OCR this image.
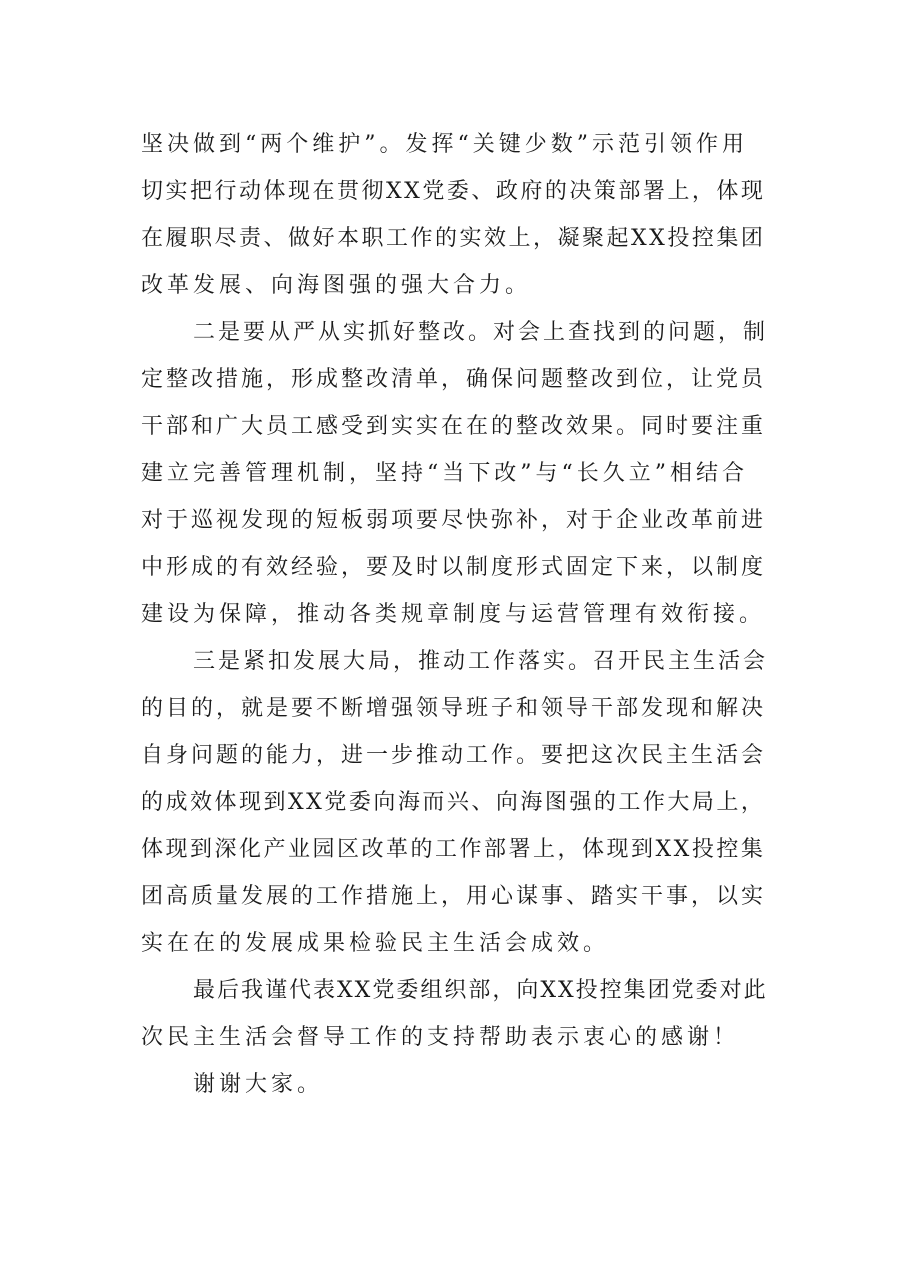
坚决做到“两个维护”。发挥“关键少数”示范引领作用
切实把行动体现在贯彻XX党委、政府的决策部署上，体现
在履职尽责、做好本职工作的实效上，凝聚起XX投控集团
改革发展、向海图强的强大合力。
二是要从严从实抓好整改。对会上查找到的问题，制
定整改措施，形成整改清单，确保问题整改到位，让党员
干部和广大员工感受到实实在在的整改效果。同时要注重
建立完善管理机制，坚持“当下改”与“长久立”相结合
对于巡视发现的短板弱项要尽快弥补，对于企业改革前进
中形成的有效经验，要及时以制度形式固定下来，以制度
建设为保障，推动各类规章制度与运营管理有效衔接。
三是紧扣发展大局，推动工作落实。召开民主生活会
的目的，就是要不断增强领导班子和领导干部发现和解决
自身问题的能力，进一步推动工作。要把这次民主生活会
的成效体现到XX党委向海而兴、向海图强的工作大局上，
体现到深化产业园区改革的工作部署上，体现到XX投控集
团高质量发展的工作措施上，用心谋事、踏实干事，以实
实在在的发展成果检验民主生活会成效。
最后我谨代表XX党委组织部，向XX投控集团党委对此
次民主生活会督导工作的支持帮助表示衷心的感谢！
谢谢大家。
